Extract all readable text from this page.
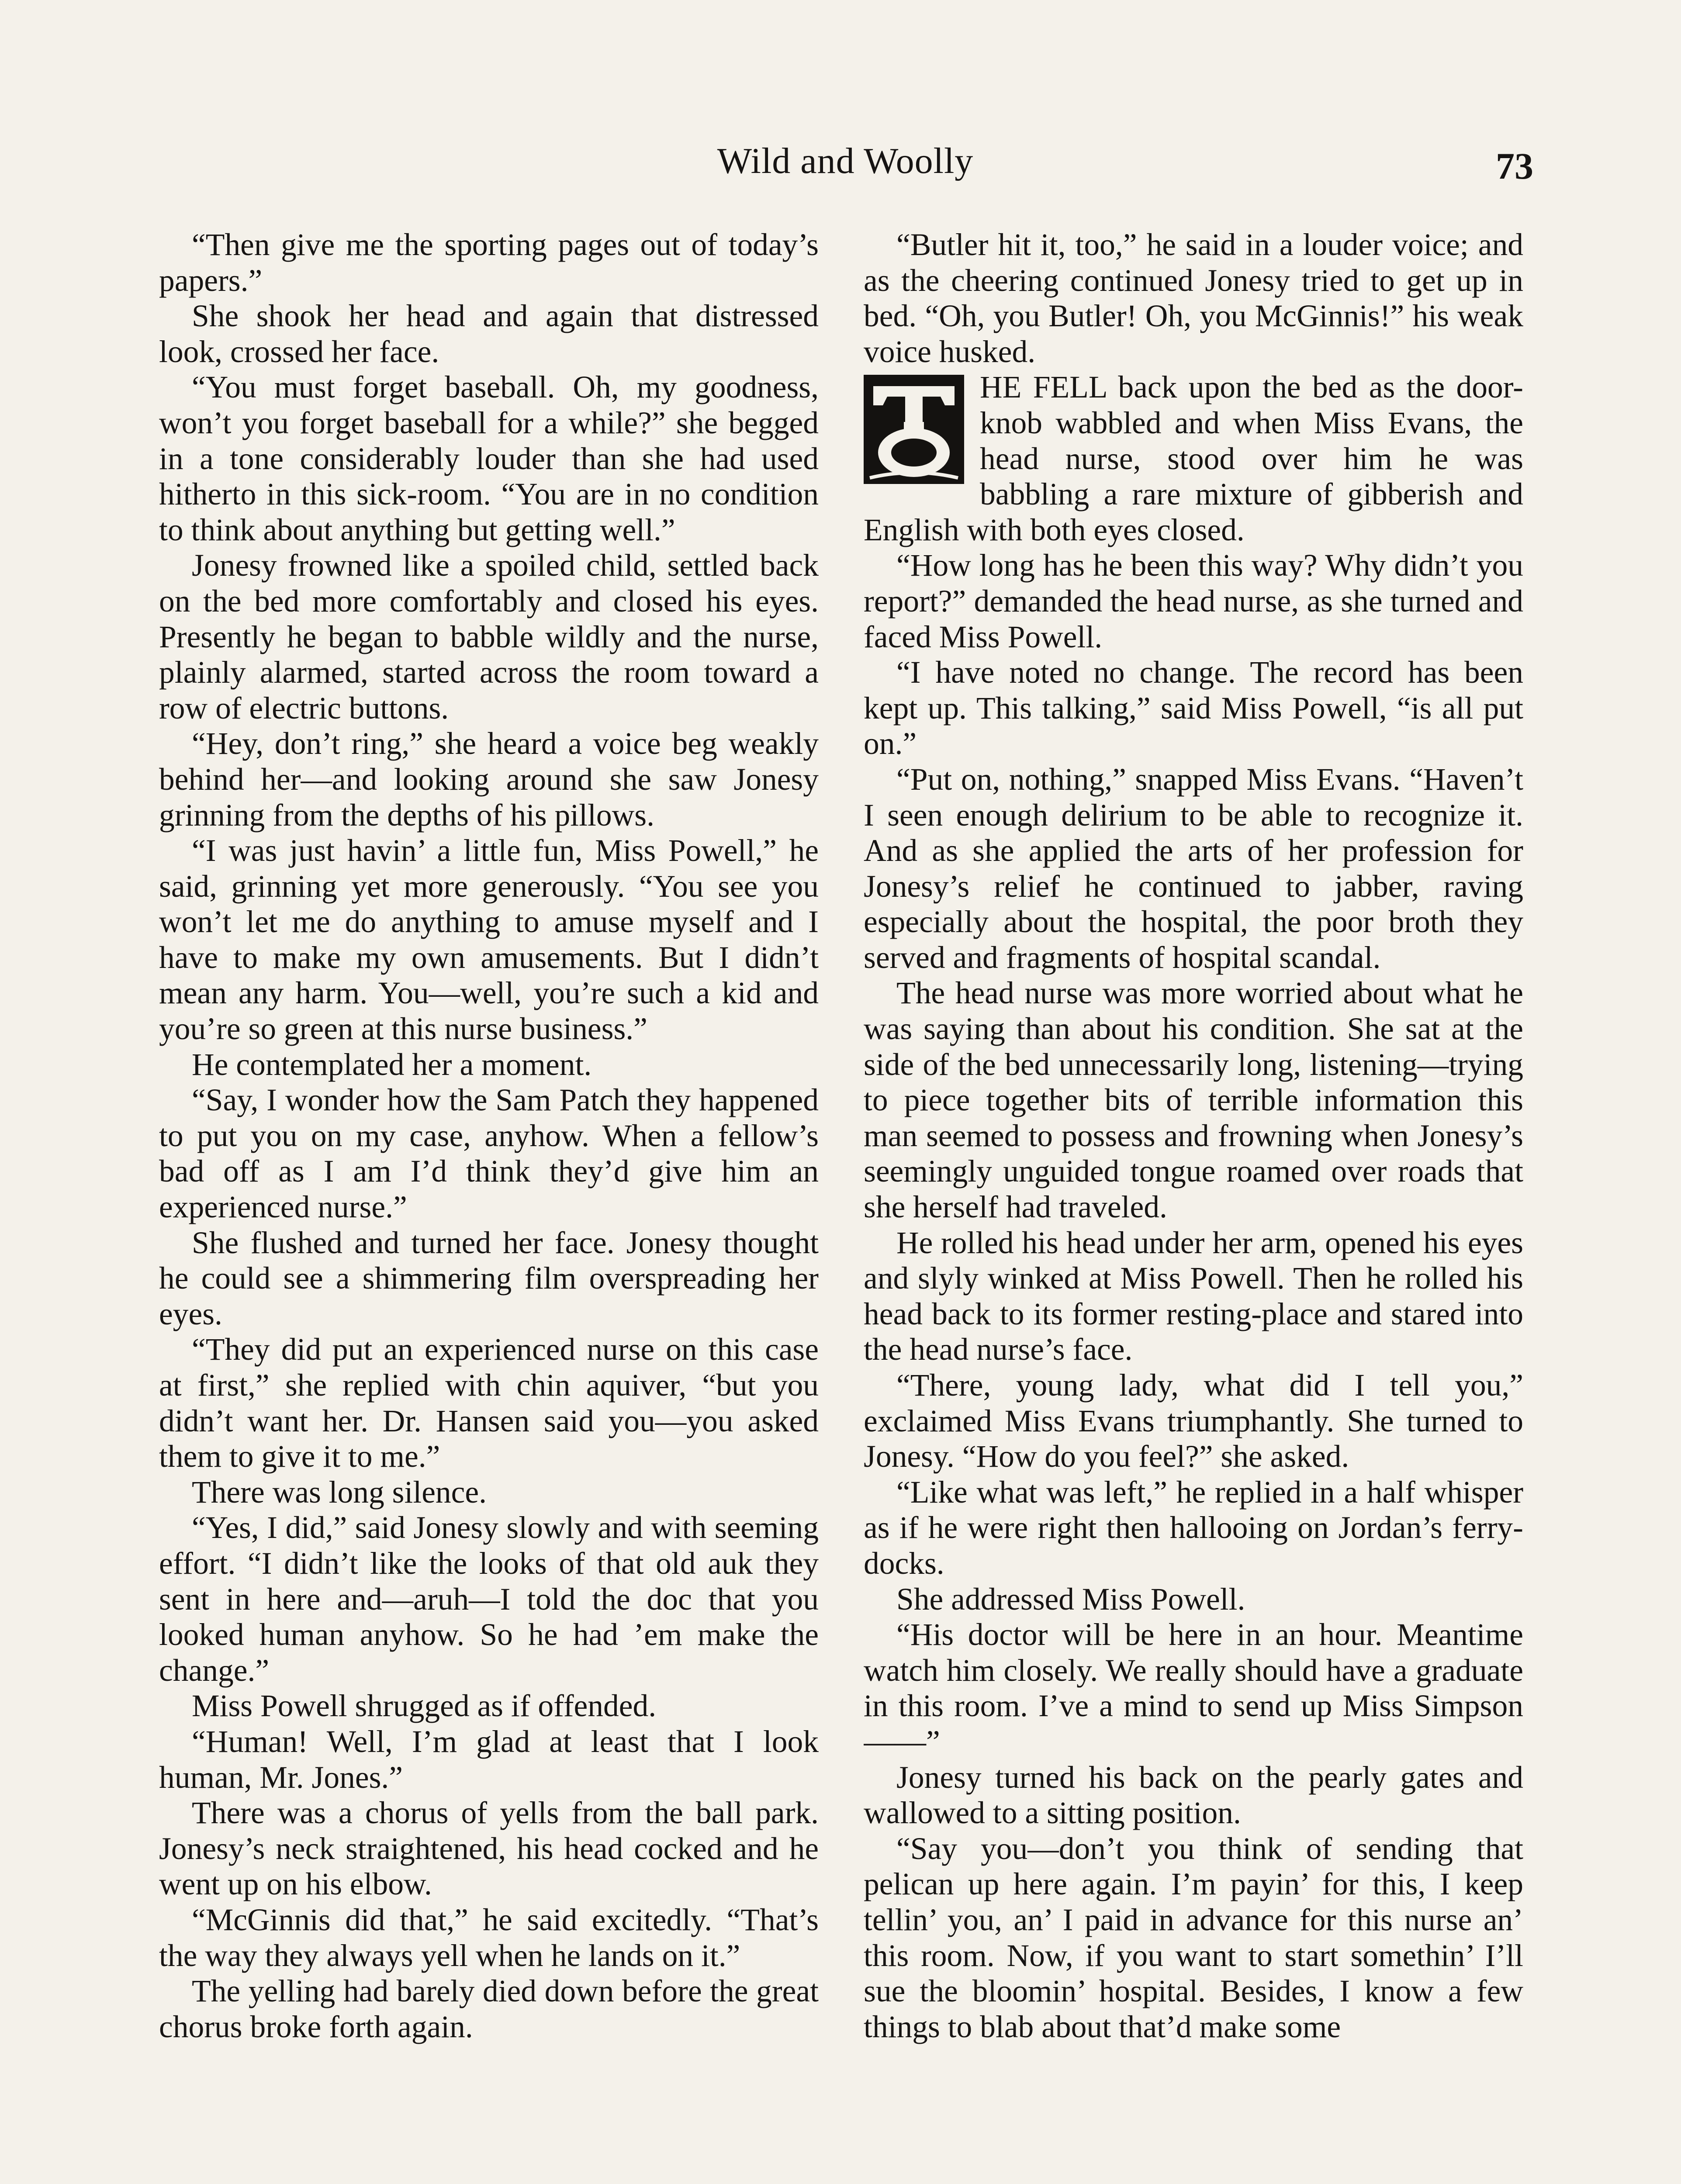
Wild and Woolly	73

“Then give me the sporting pages out of today’s papers.”

She shook her head and again that distressed look, crossed her face.

“You must forget baseball. Oh, my goodness, won’t you forget baseball for a while?” she begged in a tone considerably louder than she had used hitherto in this sick-room. “You are in no condition to think about anything but getting well.”

Jonesy frowned like a spoiled child, settled back on the bed more comfortably and closed his eyes. Presently he began to babble wildly and the nurse, plainly alarmed, started across the room toward a row of electric buttons.

“Hey, don’t ring,” she heard a voice beg weakly behind her—and looking around she saw Jonesy grinning from the depths of his pillows.

“I was just havin’ a little fun, Miss Powell,” he said, grinning yet more generously. “You see you won’t let me do anything to amuse myself and I have to make my own amusements. But I didn’t mean any harm. You—well, you’re such a kid and you’re so green at this nurse business.”

He contemplated her a moment.

“Say, I wonder how the Sam Patch they happened to put you on my case, anyhow. When a fellow’s bad off as I am I’d think they’d give him an experienced nurse.”

She flushed and turned her face. Jonesy thought he could see a shimmering film overspreading her eyes.

“They did put an experienced nurse on this case at first,” she replied with chin aquiver, “but you didn’t want her. Dr. Hansen said you—you asked them to give it to me.”

There was long silence.

“Yes, I did,” said Jonesy slowly and with seeming effort. “I didn’t like the looks of that old auk they sent in here and—aruh—I told the doc that you looked human anyhow. So he had ’em make the change.”

Miss Powell shrugged as if offended.

“Human! Well, I’m glad at least that I look human, Mr. Jones.”

There was a chorus of yells from the ball park. Jonesy’s neck straightened, his head cocked and he went up on his elbow.

“McGinnis did that,” he said excitedly. “That’s the way they always yell when he lands on it.”

The yelling had barely died down before the great chorus broke forth again.

“Butler hit it, too,” he said in a louder voice; and as the cheering continued Jonesy tried to get up in bed. “Oh, you Butler! Oh, you McGinnis!” his weak voice husked.

HE FELL back upon the bed as the door-knob wabbled and when Miss Evans, the head nurse, stood over him he was babbling a rare mixture of gibberish and English with both eyes closed.

“How long has he been this way? Why didn’t you report?” demanded the head nurse, as she turned and faced Miss Powell.

“I have noted no change. The record has been kept up. This talking,” said Miss Powell, “is all put on.”

“Put on, nothing,” snapped Miss Evans. “Haven’t I seen enough delirium to be able to recognize it. And as she applied the arts of her profession for Jonesy’s relief he continued to jabber, raving especially about the hospital, the poor broth they served and fragments of hospital scandal.

The head nurse was more worried about what he was saying than about his condition. She sat at the side of the bed unnecessarily long, listening—trying to piece together bits of terrible information this man seemed to possess and frowning when Jonesy’s seemingly unguided tongue roamed over roads that she herself had traveled.

He rolled his head under her arm, opened his eyes and slyly winked at Miss Powell. Then he rolled his head back to its former resting-place and stared into the head nurse’s face.

“There, young lady, what did I tell you,” exclaimed Miss Evans triumphantly. She turned to Jonesy. “How do you feel?” she asked.

“Like what was left,” he replied in a half whisper as if he were right then hallooing on Jordan’s ferry-docks.

She addressed Miss Powell.

“His doctor will be here in an hour. Meantime watch him closely. We really should have a graduate in this room. I’ve a mind to send up Miss Simpson——”

Jonesy turned his back on the pearly gates and wallowed to a sitting position.

“Say you—don’t you think of sending that pelican up here again. I’m payin’ for this, I keep tellin’ you, an’ I paid in advance for this nurse an’ this room. Now, if you want to start somethin’ I’ll sue the bloomin’ hospital. Besides, I know a few things to blab about that’d make some
